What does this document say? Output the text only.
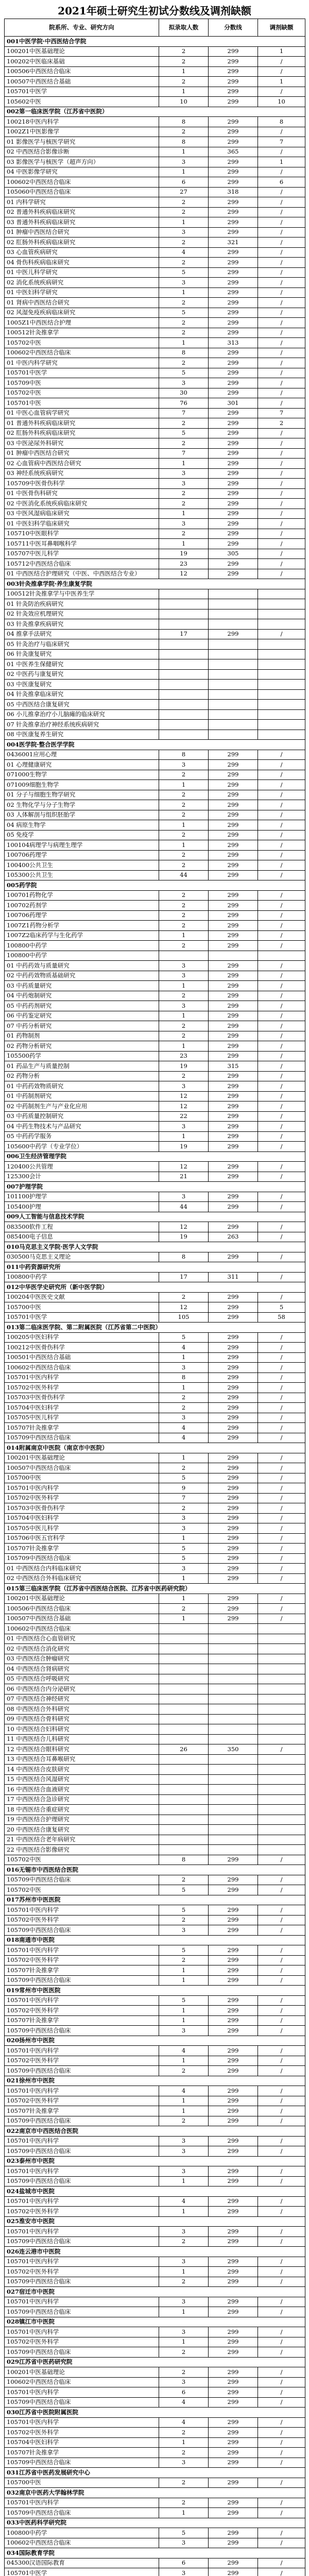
2021年硕士研究生初试分数线及调剂缺额
院系所、专业、研究方向	拟录取人数	分数线	调剂缺额
001中医学院·中西医结合学院			
100201中医基础理论	2	299	1
100202中医临床基础	2	299	/
100506中西医结合临床	1	299	/
100507中西医结合基础	2	299	1
105701中医学	1	299	/
105602中医	10	299	10
002第一临床医学院（江苏省中医院）			
100218中医内科学	8	299	8
1002Z1中医影像学	2	299	/
01 影像医学与核医学研究	8	299	7
02 中西医结合影像诊断	1	365	/
03 影像医学与核医学（超声方向）	3	299	1
04 中医影像学研究	1	299	/
100602中西医结合临床	6	299	6
105060中西医结合临床	27	318	/
01 内科学研究	2	299	/
02 普通外科疾病临床研究	2	299	/
03 普通外科疾病临床研究	1	299	/
01 肿瘤中西医结合研究	3	299	/
02 肛肠外科疾病临床研究	2	321	/
03 心血管疾病研究	4	299	/
04 骨伤科疾病临床研究	2	299	/
01 中医儿科学研究	5	299	/
02 消化系统疾病研究	3	299	/
01 中医妇科学研究	1	299	/
01 肾病中西医结合研究	2	299	/
02 风湿免疫疾病临床研究	5	299	/
1005Z1中西医结合护理	2	299	/
100512针灸推拿学	2	299	/
105702中医	1	313	/
100602中西医结合临床	8	299	/
01 中医内科学研究	2	299	/
105701中医学	5	299	/
105709中医	3	299	/
105702中医	30	299	/
105701中医	76	301	/
01 中医心血管病学研究	7	299	7
01 普通外科疾病临床研究	2	299	2
02 肛肠外科疾病临床研究	5	299	/
03 中医泌尿外科研究	2	299	/
01 肿瘤中西医结合研究	7	299	/
02 心血管病中西医结合研究	1	299	/
03 神经系统疾病研究	3	299	/
105709中医骨伤科学	3	299	/
01 中医骨伤科研究	2	299	/
02 中医消化系统疾病临床研究	2	299	/
03 中医风湿病临床研究	1	299	/
01 中医妇科学临床研究	3	299	/
105710中医眼科学	2	299	/
105711中医耳鼻咽喉科学	1	299	/
105707中医儿科学	19	305	/
105712中西医结合临床	23	299	/
01 中西医结合护理研究（中医、中西医结合专业）	12	299	/
003针灸推拿学院·养生康复学院			
100512针灸推拿学与中医养生学			
01 针灸防治疾病研究			
02 针灸效应机理研究			
03 针灸推拿疾病研究			
04 推拿手法研究	17	299	/
05 针灸治疗与临床研究			
06 针灸康复研究			
01 中医养生保健研究			
02 中医药与康复研究			
03 中医康复研究			
04 针灸推拿临床研究			
05 中西医结合康复研究			
06 小儿推拿治疗小儿脑瘫的临床研究			
07 针灸推拿治疗神经系统疾病研究			
08 中医康复养生研究			
004医学院·整合医学学院			
0436001应用心理	8	299	/
01 心理健康研究	3	299	/
071000生物学	2	299	/
071009细胞生物学	1	299	/
01 分子与细胞生物学研究	2	299	/
02 生物化学与分子生物学	2	299	/
03 人体解剖与组织胚胎学	2	299	/
04 病原生物学	1	299	/
05 免疫学	2	299	/
100104病理学与病理生理学	1	299	/
100706药理学	2	299	/
100400公共卫生	2	299	/
105300公共卫生	44	299	/
005药学院			
100701药物化学	2	299	/
100702药剂学	2	299	/
100706药理学	2	299	/
1007Z1药物分析学	2	299	/
1007Z2临床药学与生化药学	1	299	/
100800中药学	2	299	/
100800中药学			
01 中药药效与质量研究	3	299	/
02 中药药效物质基础研究	3	299	/
03 中药质量研究	1	299	/
04 中药炮制研究	2	299	/
05 中药药剂研究	3	299	/
06 中药鉴定研究	1	299	/
07 中药分析研究	2	299	/
01 药物制剂	2	299	/
02 药物分析研究	1	299	/
105500药学	23	299	/
01 药品生产与质量控制	19	315	/
02 药物分析	2	299	/
01 中药药效物质研究	3	299	/
01 中药制剂研究	12	299	/
02 中药制剂生产与产业化应用	12	299	/
03 中药质量控制研究	22	299	/
04 中药生物技术与产品研究	3	299	/
05 中药药学服务	1	299	/
105600中药学（专业学位）	19	299	/
006卫生经济管理学院			
120400公共管理	12	299	/
125300会计	21	299	/
007护理学院			
101100护理学	3	299	/
105400护理	44	299	/
009人工智能与信息技术学院			
083500软件工程	12	299	/
085400电子信息	19	263	/
010马克思主义学院·医学人文学院			
030500马克思主义理论	8	299	/
011中药资源研究所			
100800中药学	17	311	/
012中华医学史研究所（新中医学院）			
100204中医医史文献	2	299	/
105700中医	12	299	5
105701中医学	105	299	58
013第二临床医学院、第二附属医院（江苏省第二中医院）			
100205中医妇科学	5	299	/
100212中医骨伤科学	4	299	/
100501中西医结合基础	1	299	/
100602中西医结合临床	3	299	/
105701中医内科学	8	299	/
105702中医外科学	1	299	/
105703中医骨伤科学	2	299	/
105704中医妇科学	2	299	/
105705中医儿科学	3	299	/
105707针灸推拿学	4	299	/
105709中西医结合临床	4	299	/
014附属南京中医院（南京市中医院）			
100201中医基础理论	1	299	/
100507中西医结合临床	2	299	/
105700中医	5	299	/
105701中医内科学	9	299	/
105702中医外科学	7	299	/
105703中医骨伤科学	2	299	/
105704中医妇科学	3	299	/
105705中医儿科学	3	299	/
105706中医五官科学	1	299	/
105707针灸推拿学	5	299	/
105709中西医结合临床	5	299	/
01 中西医结合内科临床研究	3	299	/
02 中西医结合外科临床研究	1	299	/
015第三临床医学院（江苏省中西医结合医院、江苏省中医药研究院）			
100201中医基础理论	1	299	/
100506中西医结合临床	2	299	/
100507中西医结合基础	1	299	/
100602中西医结合临床			
01 中西医结合心血管研究			
02 中西医结合消化研究			
03 中西医结合肿瘤研究			
04 中西医结合肾病研究			
05 中西医结合呼吸研究			
06 中西医结合内分泌研究			
07 中西医结合神经研究			
08 中西医结合外科研究			
09 中西医结合骨科研究			
10 中西医结合妇科研究			
11 中西医结合儿科研究			
12 中西医结合眼科研究	26	350	/
13 中西医结合耳鼻喉研究			
14 中西医结合皮肤研究			
15 中西医结合风湿研究			
16 中西医结合血液研究			
17 中西医结合急诊研究			
18 中西医结合重症研究			
19 中西医结合护理研究			
20 中西医结合康复研究			
21 中西医结合老年病研究			
22 中西医结合影像研究			
105702中医	8	299	/
016无锡市中西医结合医院			
105709中西医结合临床	2	299	/
105702中医	5	299	/
017苏州市中医医院			
105701中医内科学	5	299	/
105702中医外科学	2	299	/
105709中西医结合临床	3	299	/
018南通市中医院			
105701中医内科学	5	299	/
105702中医外科学	2	299	/
105707针灸推拿学	1	299	/
105709中西医结合临床	1	299	/
019常州市中医医院			
105701中医内科学	5	299	/
105702中医外科学	1	299	/
105707针灸推拿学	1	299	/
105709中西医结合临床	3	299	/
020扬州市中医院			
105701中医内科学	4	299	/
105702中医外科学	1	299	/
105709中西医结合临床	2	299	/
021徐州市中医院			
105701中医内科学	4	299	/
105702中医外科学	1	299	/
105707针灸推拿学	1	299	/
105709中西医结合临床	2	299	/
022南京市中西医结合医院			
105701中医内科学	3	299	/
105709中西医结合临床	3	299	/
023泰州市中医院			
105701中医内科学	3	299	/
105709中西医结合临床	1	299	/
024盐城市中医院			
105701中医内科学	4	299	/
105702中医外科学	1	299	/
025淮安市中医院			
105701中医内科学	3	299	/
105709中西医结合临床	2	299	/
026连云港市中医院			
105701中医内科学	3	299	/
105702中医外科学	1	299	/
105709中西医结合临床	2	299	/
027宿迁市中医院			
105701中医内科学	3	299	/
105709中西医结合临床	1	299	/
028镇江市中医院			
105701中医内科学	3	299	/
105702中医外科学	1	299	/
105709中西医结合临床	2	299	/
029江苏省中医药研究院			
100201中医基础理论	2	299	/
100602中西医结合临床	3	299	/
105701中医内科学	6	299	/
105709中西医结合临床	4	299	/
030江苏省中医院附属医院			
105701中医内科学	4	299	/
105702中医外科学	2	299	/
105704中医妇科学	1	299	/
105707针灸推拿学	2	299	/
105709中西医结合临床	3	299	/
031江苏省中医药发展研究中心			
105700中医	2	299	/
032南京中医药大学翰林学院			
105701中医内科学	2	299	/
105709中西医结合临床	1	299	/
033中医药科学研究院			
100800中药学	5	299	/
100602中西医结合临床	3	299	/
034国际教育学院			
045300汉语国际教育	6	299	/
105701中医学	3	299	/
